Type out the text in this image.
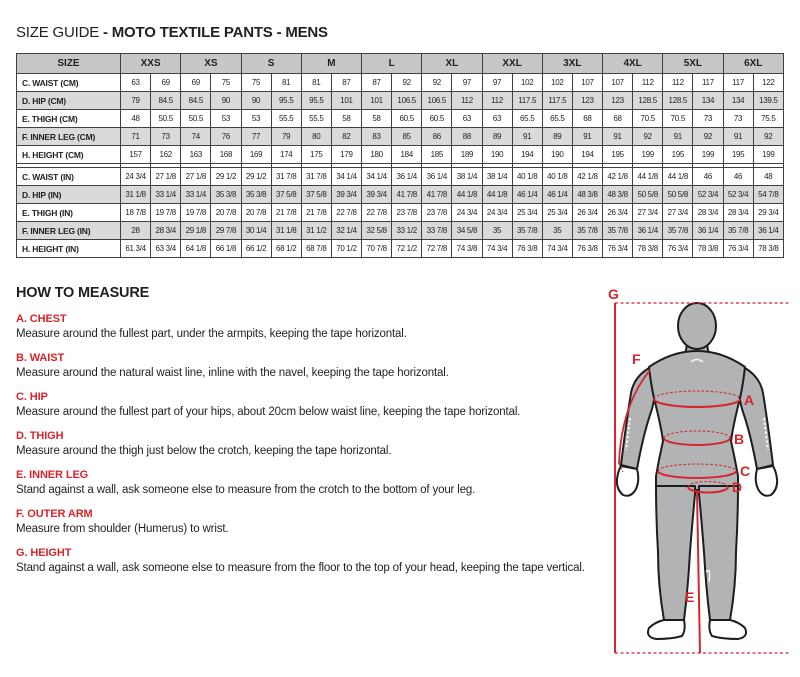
SIZE GUIDE - MOTO TEXTILE PANTS - MENS
SIZE	XXS		XS		S		M		L		XL		XXL		3XL		4XL		5XL		6XL	
C. WAIST (CM)	63	69	69	75	75	81	81	87	87	92	92	97	97	102	102	107	107	112	112	117	117	122
D. HIP (CM)	79	84.5	84.5	90	90	95.5	95.5	101	101	106.5	106.5	112	112	117.5	117.5	123	123	128.5	128.5	134	134	139.5
E. THIGH (CM)	48	50.5	50.5	53	53	55.5	55.5	58	58	60.5	60.5	63	63	65.5	65.5	68	68	70.5	70.5	73	73	75.5
F. INNER LEG (CM)	71	73	74	76	77	79	80	82	83	85	86	88	89	91	89	91	91	92	91	92	91	92
H. HEIGHT (CM)	157	162	163	168	169	174	175	179	180	184	185	189	190	194	190	194	195	199	195	199	195	199

C. WAIST (IN)	24 3/4	27 1/8	27 1/8	29 1/2	29 1/2	31 7/8	31 7/8	34 1/4	34 1/4	36 1/4	36 1/4	38 1/4	38 1/4	40 1/8	40 1/8	42 1/8	42 1/8	44 1/8	44 1/8	46	46	48
D. HIP (IN)	31 1/8	33 1/4	33 1/4	35 3/8	35 3/8	37 5/8	37 5/8	39 3/4	39 3/4	41 7/8	41 7/8	44 1/8	44 1/8	46 1/4	46 1/4	48 3/8	48 3/8	50 5/8	50 5/8	52 3/4	52 3/4	54 7/8
E. THIGH (IN)	18 7/8	19 7/8	19 7/8	20 7/8	20 7/8	21 7/8	21 7/8	22 7/8	22 7/8	23 7/8	23 7/8	24 3/4	24 3/4	25 3/4	25 3/4	26 3/4	26 3/4	27 3/4	27 3/4	28 3/4	28 3/4	29 3/4
F. INNER LEG (IN)	28	28 3/4	29 1/8	29 7/8	30 1/4	31 1/8	31 1/2	32 1/4	32 5/8	33 1/2	33 7/8	34 5/8	35	35 7/8	35	35 7/8	35 7/8	36 1/4	35 7/8	36 1/4	35 7/8	36 1/4
H. HEIGHT (IN)	61 3/4	63 3/4	64 1/8	66 1/8	66 1/2	68 1/2	68 7/8	70 1/2	70 7/8	72 1/2	72 7/8	74 3/8	74 3/4	76 3/8	74 3/4	76 3/8	76 3/4	78 3/8	76 3/4	78 3/8	76 3/4	78 3/8
HOW TO MEASURE
A. CHEST
Measure around the fullest part, under the armpits, keeping the tape horizontal.
B. WAIST
Measure around the natural waist line, inline with the navel, keeping the tape horizontal.
C. HIP
Measure around the fullest part of your hips, about 20cm below waist line, keeping the tape horizontal.
D. THIGH
Measure around the thigh just below the crotch, keeping the tape horizontal.
E. INNER LEG
Stand against a wall, ask someone else to measure from the crotch to the bottom of your leg.
F. OUTER ARM
Measure from shoulder (Humerus) to wrist.
G. HEIGHT
Stand against a wall, ask someone else to measure from the floor to the top of your head, keeping the tape vertical.
G
F
A
B
C
D
E
